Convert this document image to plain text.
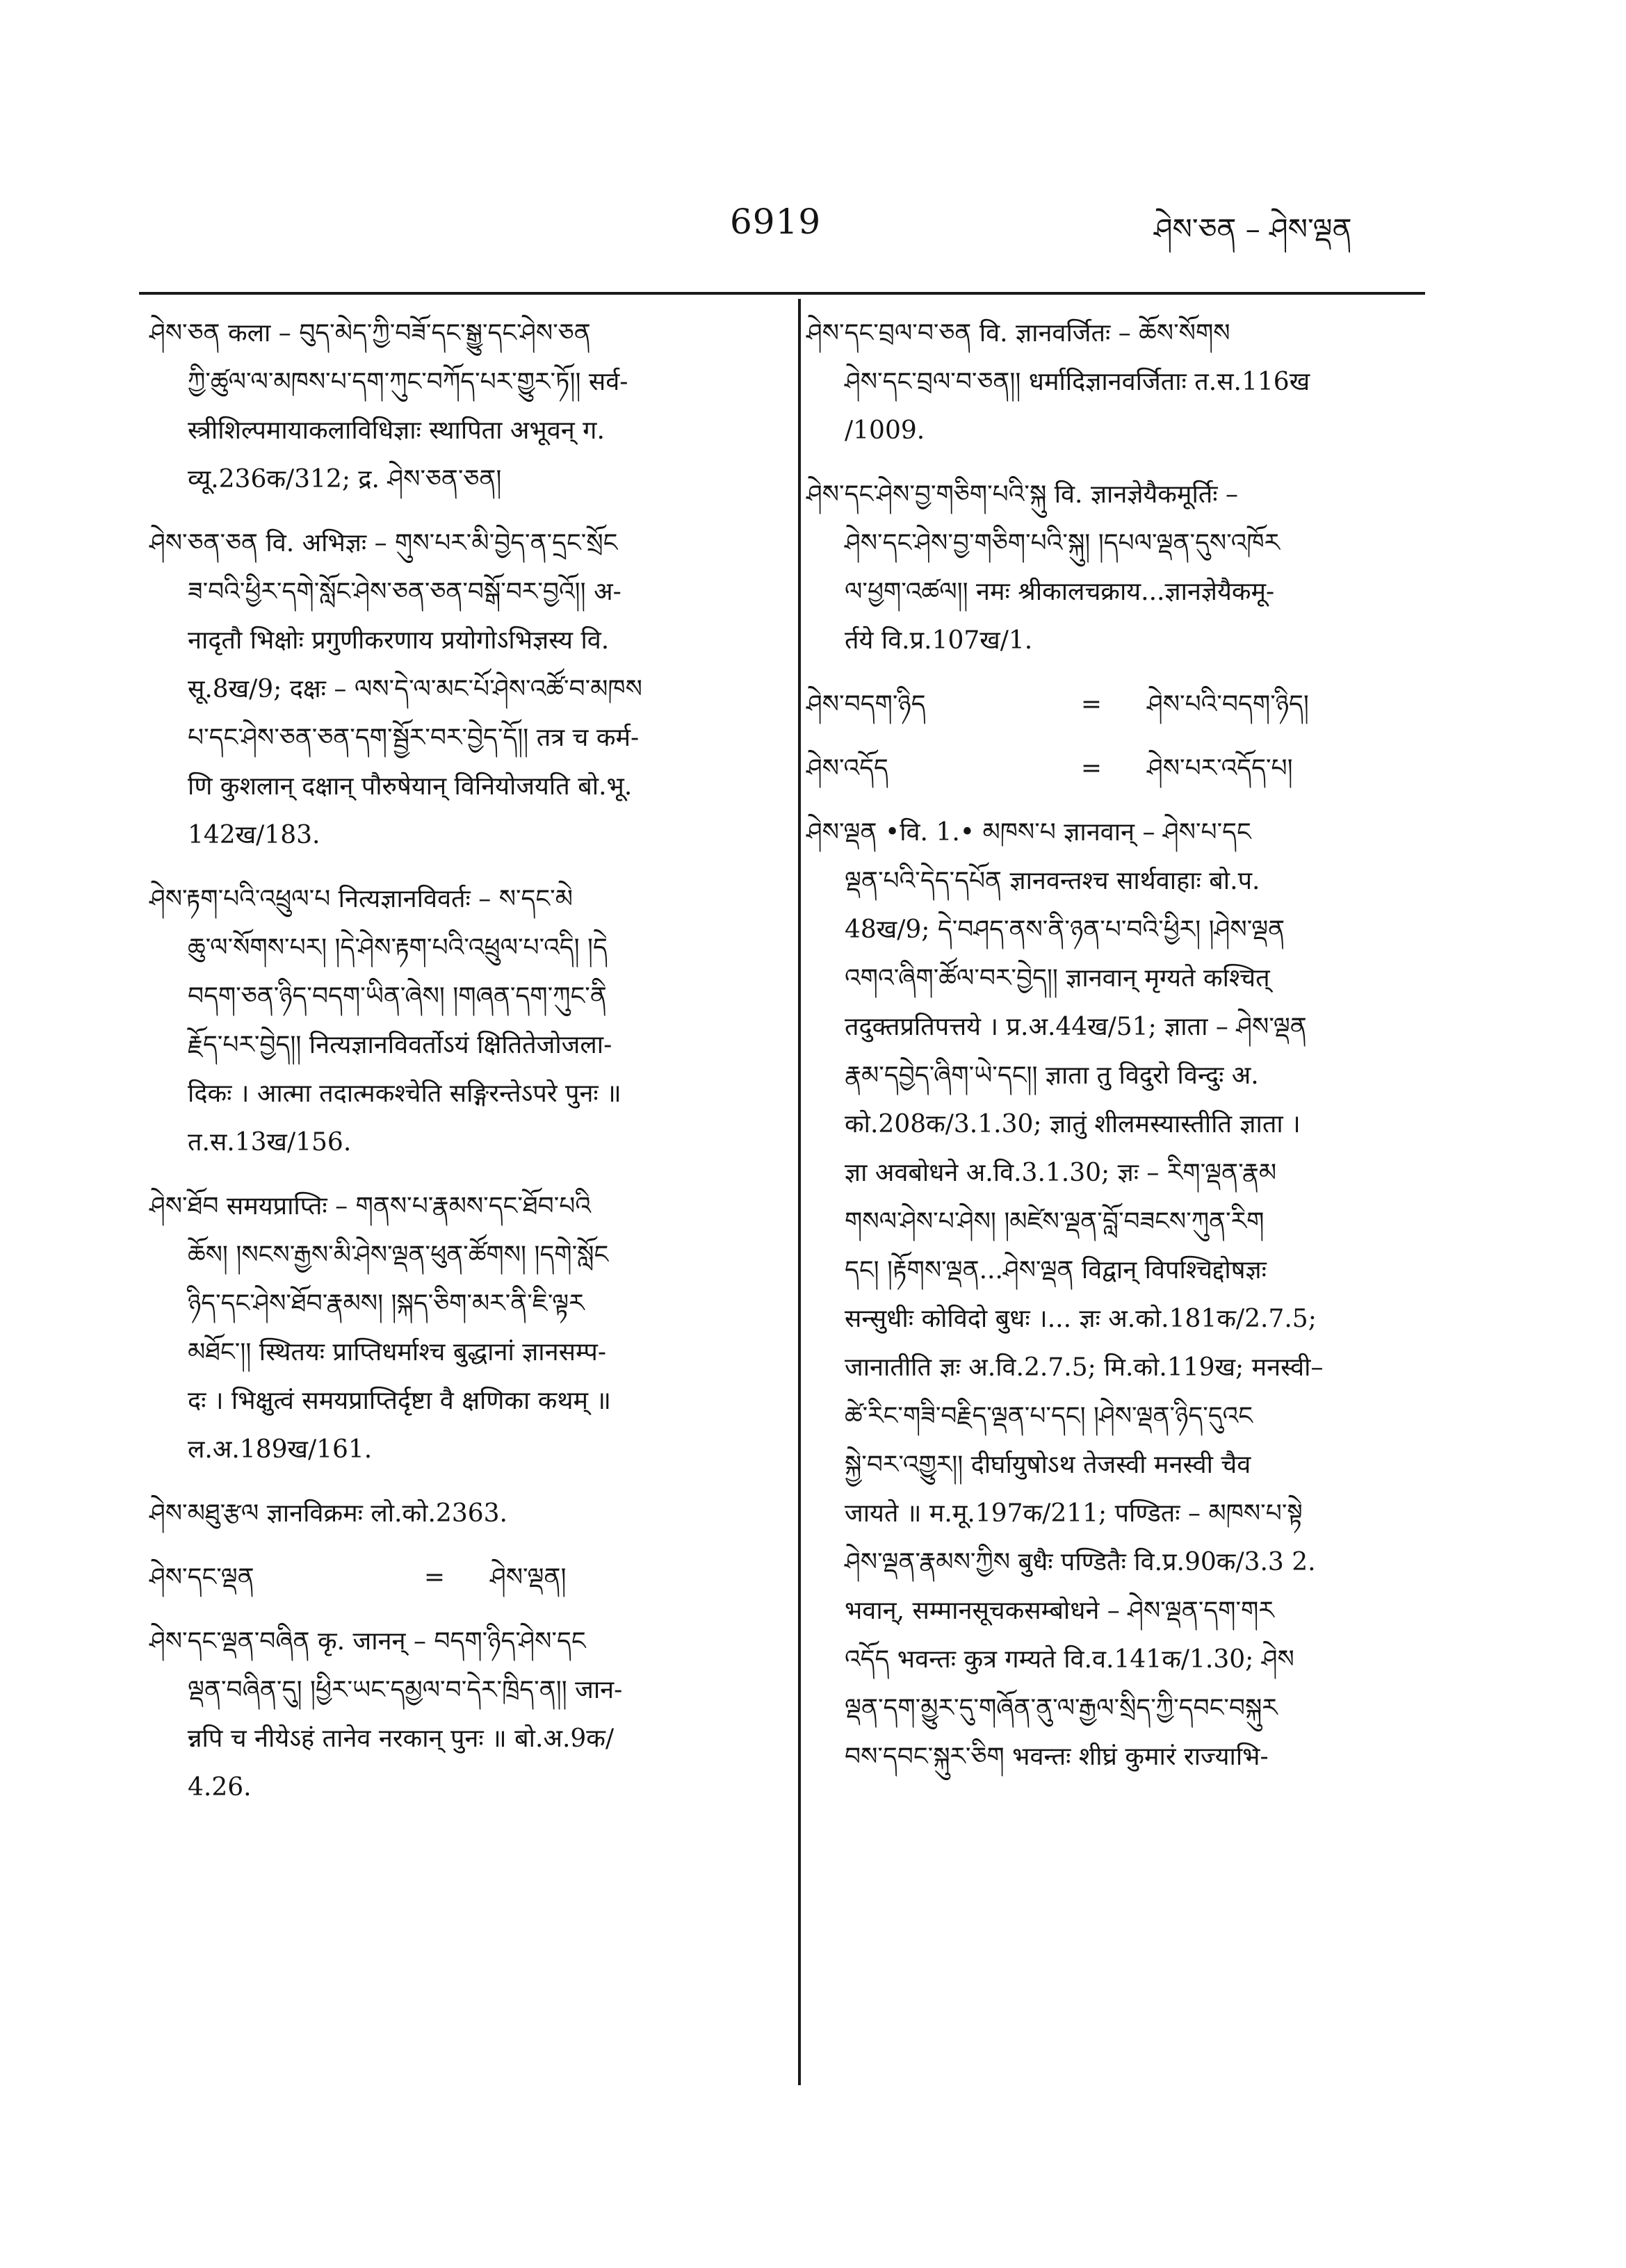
6919	ཤེས་ཅན – ཤེས་ལྡན

ཤེས་ཅན कला – བུད་མེད་ཀྱི་བཟོ་དང་སྒྱུ་དང་ཤེས་ཅན
ཀྱི་ཚུལ་ལ་མཁས་པ་དག་ཀུང་བཀོད་པར་གྱུར་ཏོ།། सर्व-
स्त्रीशिल्पमायाकलाविधिज्ञाः स्थापिता अभूवन् ग.
व्यू.236क/312; द्र. ཤེས་ཅན་ཅན།

ཤེས་ཅན་ཅན वि. अभिज्ञः – གུས་པར་མི་བྱེད་ན་དྲང་སྲོང
ཟ་བའི་ཕྱིར་དགེ་སློང་ཤེས་ཅན་ཅན་བསྒོ་བར་བྱའོ།། अ-
नादृतौ भिक्षोः प्रगुणीकरणाय प्रयोगोऽभिज्ञस्य वि.
सू.8ख/9; दक्षः – ལས་དེ་ལ་མང་པོ་ཤེས་འཚོ་བ་མཁས
པ་དང་ཤེས་ཅན་ཅན་དག་སྦྱོར་བར་བྱེད་དོ།། तत्र च कर्म-
णि कुशलान् दक्षान् पौरुषेयान् विनियोजयति बो.भू.
142ख/183.

ཤེས་རྟག་པའི་འཕྲུལ་པ नित्यज्ञानविवर्तः – ས་དང་མེ
ཆུ་ལ་སོགས་པར། །དེ་ཤེས་རྟག་པའི་འཕྲུལ་པ་འདི། །དེ
བདག་ཅན་ཉིད་བདག་ཡིན་ཞེས། །གཞན་དག་ཀུང་ནི
རྗོད་པར་བྱེད།། नित्यज्ञानविवर्तोऽयं क्षितितेजोजला-
दिकः । आत्मा तदात्मकश्चेति सङ्गिरन्तेऽपरे पुनः ॥
त.स.13ख/156.

ཤེས་ཐོབ समयप्राप्तिः – གནས་པ་རྣམས་དང་ཐོབ་པའི
ཆོས། །སངས་རྒྱས་མི་ཤེས་ལྡན་ཕུན་ཚོགས། །དགེ་སློང
ཉིད་དང་ཤེས་ཐོབ་རྣམས། །སྐད་ཅིག་མར་ནི་ཇི་ལྟར
མཐོང༌།། स्थितयः प्राप्तिधर्माश्च बुद्धानां ज्ञानसम्प-
दः । भिक्षुत्वं समयप्राप्तिर्दृष्टा वै क्षणिका कथम् ॥
ल.अ.189ख/161.

ཤེས་མཐུ་རྩལ ज्ञानविक्रमः लो.को.2363.

ཤེས་དང་ལྡན	=	ཤེས་ལྡན།

ཤེས་དང་ལྡན་བཞིན कृ. जानन् – བདག་ཉིད་ཤེས་དང
ལྡན་བཞིན་དུ། །ཕྱིར་ཡང་དམྱལ་བ་དེར་ཁྲིད་ན།། जान-
न्नपि च नीयेऽहं तानेव नरकान् पुनः ॥ बो.अ.9क/
4.26.

ཤེས་དང་བྲལ་བ་ཅན वि. ज्ञानवर्जितः – ཆོས་སོགས
ཤེས་དང་བྲལ་བ་ཅན།། धर्मादिज्ञानवर्जिताः त.स.116ख
/1009.

ཤེས་དང་ཤེས་བྱ་གཅིག་པའི་སྐུ वि. ज्ञानज्ञेयैकमूर्तिः –
ཤེས་དང་ཤེས་བྱ་གཅིག་པའི་སྐུ། །དཔལ་ལྡན་དུས་འཁོར
ལ་ཕྱག་འཚལ།། नमः श्रीकालचक्राय...ज्ञानज्ञेयैकमू-
र्तये वि.प्र.107ख/1.

ཤེས་བདག་ཉིད	=	ཤེས་པའི་བདག་ཉིད།
ཤེས་འདོད	=	ཤེས་པར་འདོད་པ།

ཤེས་ལྡན •वि. 1.• མཁས་པ ज्ञानवान् – ཤེས་པ་དང
ལྡན་པའི་དེད་དཔོན ज्ञानवन्तश्च सार्थवाहाः बो.प.
48ख/9; དེ་བཤད་ནས་ནི་ཉན་པ་བའི་ཕྱིར། །ཤེས་ལྡན
འགའ་ཞིག་ཚོལ་བར་བྱེད།། ज्ञानवान् मृग्यते कश्चित्
तदुक्तप्रतिपत्तये । प्र.अ.44ख/51; ज्ञाता – ཤེས་ལྡན
རྣམ་དབྱེད་ཞིག་ཡེ་དང།། ज्ञाता तु विदुरो विन्दुः अ.
को.208क/3.1.30; ज्ञातुं शीलमस्यास्तीति ज्ञाता ।
ज्ञा अवबोधने अ.वि.3.1.30; ज्ञः – རིག་ལྡན་རྣམ
གསལ་ཤེས་པ་ཤེས། །མཛེས་ལྡན་བློ་བཟངས་ཀུན་རིག
དང། །རྟོགས་ལྡན...ཤེས་ལྡན विद्वान् विपश्चिद्दोषज्ञः
सन्सुधीः कोविदो बुधः ।... ज्ञः अ.को.181क/2.7.5;
जानातीति ज्ञः अ.वि.2.7.5; मि.को.119ख; मनस्वी–
ཚེ་རིང་གཟི་བརྗིད་ལྡན་པ་དང། །ཤེས་ལྡན་ཉིད་དུའང
སྐྱེ་བར་འགྱུར།། दीर्घायुषोऽथ तेजस्वी मनस्वी चैव
जायते ॥ म.मू.197क/211; पण्डितः – མཁས་པ་སྟེ
ཤེས་ལྡན་རྣམས་ཀྱིས बुधैः पण्डितैः वि.प्र.90क/3.3 2.
भवान्, सम्मानसूचकसम्बोधने – ཤེས་ལྡན་དག་གར
འདོད भवन्तः कुत्र गम्यते वि.व.141क/1.30; ཤེས
ལྡན་དག་མྱུར་དུ་གཞོན་ནུ་ལ་རྒྱལ་སྲིད་ཀྱི་དབང་བསྐུར
བས་དབང་སྐུར་ཅིག भवन्तः शीघ्रं कुमारं राज्याभि-
